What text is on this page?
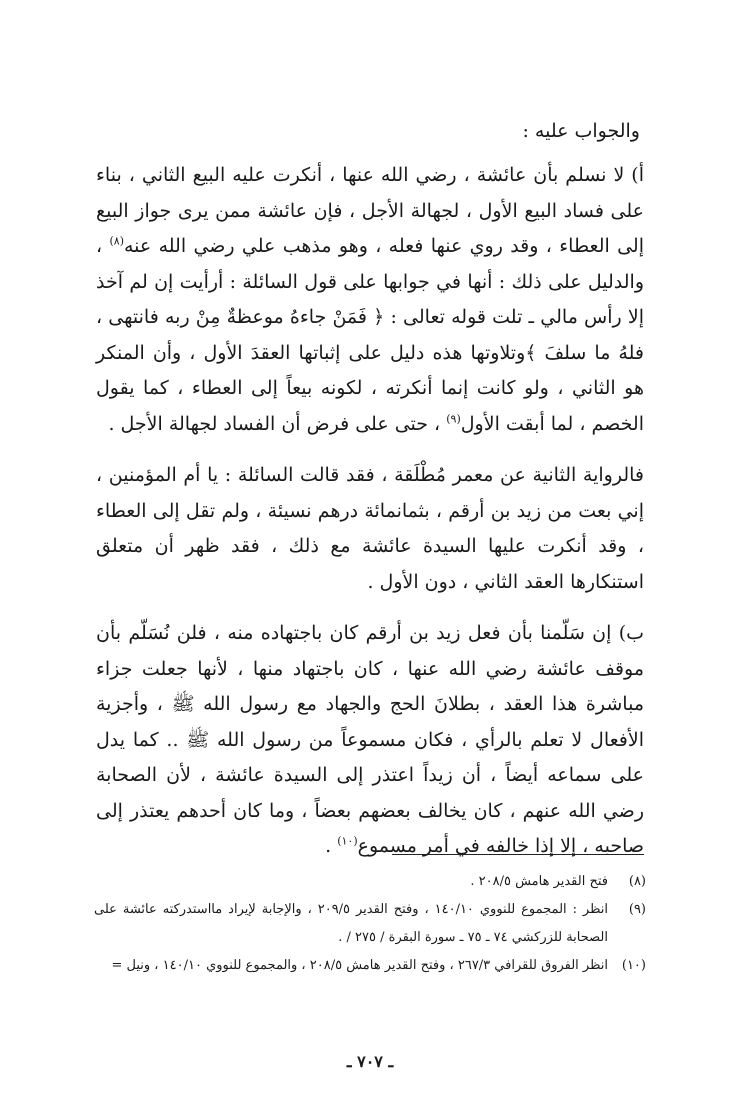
والجواب عليه :

أ) لا نسلم بأن عائشة ، رضي الله عنها ، أنكرت عليه البيع الثاني ، بناء على فساد البيع الأول ، لجهالة الأجل ، فإن عائشة ممن يرى جواز البيع إلى العطاء ، وقد روي عنها فعله ، وهو مذهب علي رضي الله عنه$^{(٨)}$ ، والدليل على ذلك : أنها في جوابها على قول السائلة : أرأيت إن لم آخذ إلا رأس مالي ـ تلت قوله تعالى : ﴿ فَمَنْ جاءهُ موعظةٌ مِنْ ربه فانتهى ، فلهُ ما سلفَ ﴾وتلاوتها هذه دليل على إثباتها العقدَ الأول ، وأن المنكر هو الثاني ، ولو كانت إنما أنكرته ، لكونه بيعاً إلى العطاء ، كما يقول الخصم ، لما أبقت الأول$^{(٩)}$ ، حتى على فرض أن الفساد لجهالة الأجل .

فالرواية الثانية عن معمر مُطْلَقة ، فقد قالت السائلة : يا أم المؤمنين ، إني بعت من زيد بن أرقم ، بثمانمائة درهم نسيئة ، ولم تقل إلى العطاء ، وقد أنكرت عليها السيدة عائشة مع ذلك ، فقد ظهر أن متعلق استنكارها العقد الثاني ، دون الأول .

ب) إن سَلّمنا بأن فعل زيد بن أرقم كان باجتهاده منه ، فلن نُسَلّم بأن موقف عائشة رضي الله عنها ، كان باجتهاد منها ، لأنها جعلت جزاء مباشرة هذا العقد ، بطلانَ الحج والجهاد مع رسول الله ﷺ ، وأجزية الأفعال لا تعلم بالرأي ، فكان مسموعاً من رسول الله ﷺ .. كما يدل على سماعه أيضاً ، أن زيداً اعتذر إلى السيدة عائشة ، لأن الصحابة رضي الله عنهم ، كان يخالف بعضهم بعضاً ، وما كان أحدهم يعتذر إلى صاحبه ، إلا إذا خالفه في أمر مسموع$^{(١٠)}$ .

(٨)
فتح القدير هامش ٢٠٨/٥ .
(٩)
انظر : المجموع للنووي ١٤٠/١٠ ، وفتح القدير ٢٠٩/٥ ، والإجابة لإيراد مااستدركته عائشة على الصحابة للزركشي ٧٤ ـ ٧٥ ـ سورة البقرة / ٢٧٥ / .
(١٠)
انظر الفروق للقرافي ٢٦٧/٣ ، وفتح القدير هامش ٢٠٨/٥ ، والمجموع للنووي ١٤٠/١٠ ، ونيل =
ـ ٧٠٧ ـ
